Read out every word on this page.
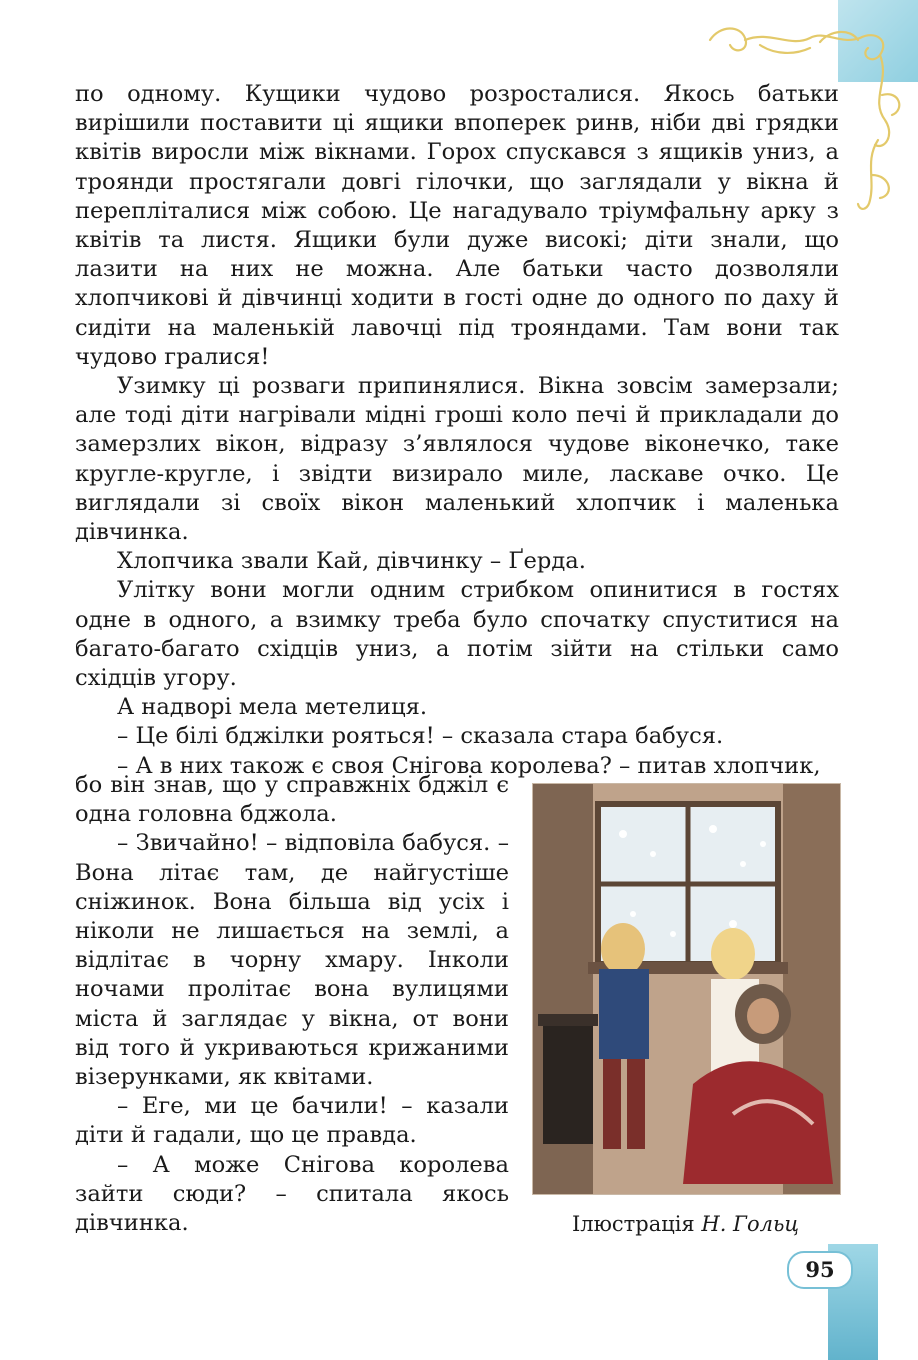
по одному. Кущики чудово розросталися. Якось батьки вирішили поставити ці ящики впоперек ринв, ніби дві грядки квітів виросли між вікнами. Горох спускався з ящиків униз, а троянди простягали довгі гілочки, що заглядали у вікна й перепліталися між собою. Це нагадувало тріумфальну арку з квітів та листя. Ящики були дуже високі; діти знали, що лазити на них не можна. Але батьки часто дозволяли хлопчикові й дівчинці ходити в гості одне до одного по даху й сидіти на маленькій лавочці під трояндами. Там вони так чудово гралися!

Узимку ці розваги припинялися. Вікна зовсім замерзали; але тоді діти нагрівали мідні гроші коло печі й прикладали до замерзлих вікон, відразу з’являлося чудове віконечко, таке кругле-кругле, і звідти визирало миле, ласкаве очко. Це виглядали зі своїх вікон маленький хлопчик і маленька дівчинка.

Хлопчика звали Кай, дівчинку – Ґерда.

Улітку вони могли одним стрибком опинитися в гостях одне в одного, а взимку треба було спочатку спуститися на багато-багато східців униз, а потім зійти на стільки само східців угору.

А надворі мела метелиця.

– Це білі бджілки рояться! – сказала стара бабуся.

– А в них також є своя Снігова королева? – питав хлопчик,

бо він знав, що у справжніх бджіл є одна головна бджола.

– Звичайно! – відповіла бабуся. – Вона літає там, де найгустіше сніжинок. Вона більша від усіх і ніколи не лишається на землі, а відлітає в чорну хмару. Інколи ночами пролітає вона вулицями міста й заглядає у вікна, от вони від того й укриваються крижаними візерунками, як квітами.

– Еге, ми це бачили! – казали діти й гадали, що це правда.

– А може Снігова королева зайти сюди? – спитала якось дівчинка.	Ілюстрація Н. Гольц
95
